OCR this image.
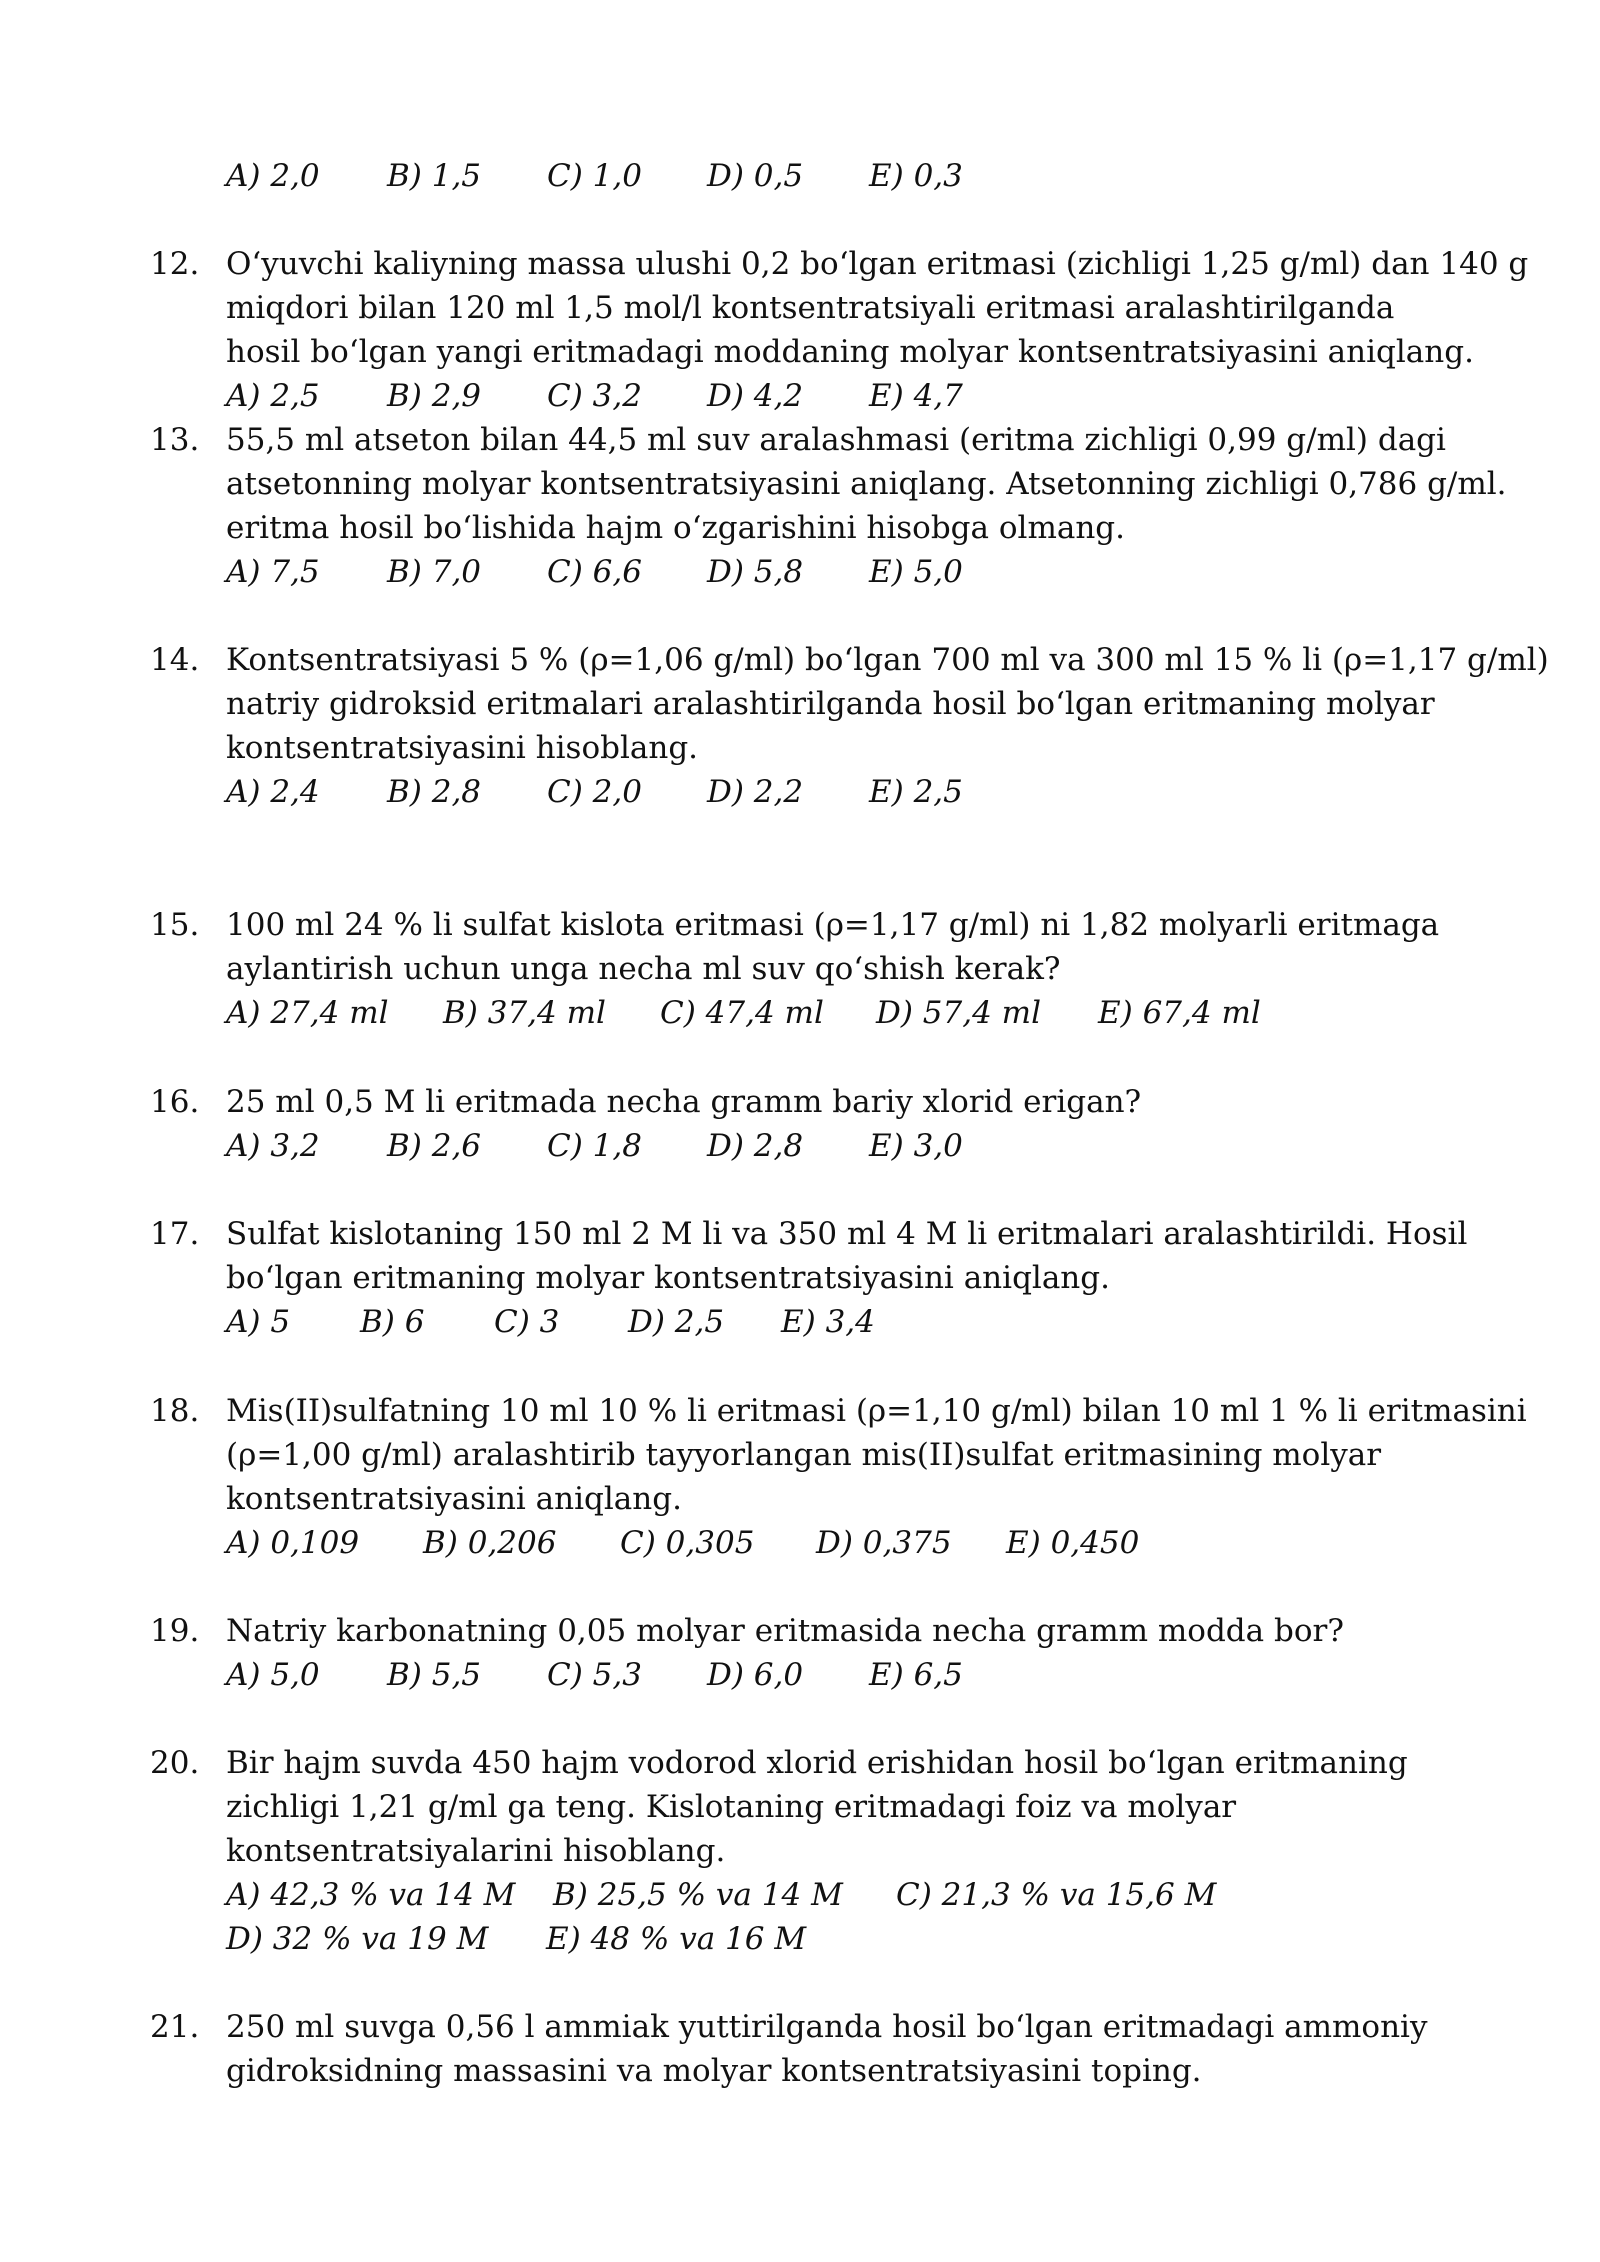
A) 2,0 B) 1,5 C) 1,0 D) 0,5 E) 0,3
12. O‘yuvchi kaliyning massa ulushi 0,2 bo‘lgan eritmasi (zichligi 1,25 g/ml) dan 140 g
miqdori bilan 120 ml 1,5 mol/l kontsentratsiyali eritmasi aralashtirilganda
hosil bo‘lgan yangi eritmadagi moddaning molyar kontsentratsiyasini aniqlang.
A) 2,5 B) 2,9 C) 3,2 D) 4,2 E) 4,7
13. 55,5 ml atseton bilan 44,5 ml suv aralashmasi (eritma zichligi 0,99 g/ml) dagi
atsetonning molyar kontsentratsiyasini aniqlang. Atsetonning zichligi 0,786 g/ml.
eritma hosil bo‘lishida hajm o‘zgarishini hisobga olmang.
A) 7,5 B) 7,0 C) 6,6 D) 5,8 E) 5,0
14. Kontsentratsiyasi 5 % (ρ=1,06 g/ml) bo‘lgan 700 ml va 300 ml 15 % li (ρ=1,17 g/ml)
natriy gidroksid eritmalari aralashtirilganda hosil bo‘lgan eritmaning molyar
kontsentratsiyasini hisoblang.
A) 2,4 B) 2,8 C) 2,0 D) 2,2 E) 2,5
15. 100 ml 24 % li sulfat kislota eritmasi (ρ=1,17 g/ml) ni 1,82 molyarli eritmaga
aylantirish uchun unga necha ml suv qo‘shish kerak?
A) 27,4 ml B) 37,4 ml C) 47,4 ml D) 57,4 ml E) 67,4 ml
16. 25 ml 0,5 M li eritmada necha gramm bariy xlorid erigan?
A) 3,2 B) 2,6 C) 1,8 D) 2,8 E) 3,0
17. Sulfat kislotaning 150 ml 2 M li va 350 ml 4 M li eritmalari aralashtirildi. Hosil
bo‘lgan eritmaning molyar kontsentratsiyasini aniqlang.
A) 5 B) 6 C) 3 D) 2,5 E) 3,4
18. Mis(II)sulfatning 10 ml 10 % li eritmasi (ρ=1,10 g/ml) bilan 10 ml 1 % li eritmasini
(ρ=1,00 g/ml) aralashtirib tayyorlangan mis(II)sulfat eritmasining molyar
kontsentratsiyasini aniqlang.
A) 0,109 B) 0,206 C) 0,305 D) 0,375 E) 0,450
19. Natriy karbonatning 0,05 molyar eritmasida necha gramm modda bor?
A) 5,0 B) 5,5 C) 5,3 D) 6,0 E) 6,5
20. Bir hajm suvda 450 hajm vodorod xlorid erishidan hosil bo‘lgan eritmaning
zichligi 1,21 g/ml ga teng. Kislotaning eritmadagi foiz va molyar
kontsentratsiyalarini hisoblang.
A) 42,3 % va 14 M B) 25,5 % va 14 M C) 21,3 % va 15,6 M
D) 32 % va 19 M E) 48 % va 16 M
21. 250 ml suvga 0,56 l ammiak yuttirilganda hosil bo‘lgan eritmadagi ammoniy
gidroksidning massasini va molyar kontsentratsiyasini toping.
